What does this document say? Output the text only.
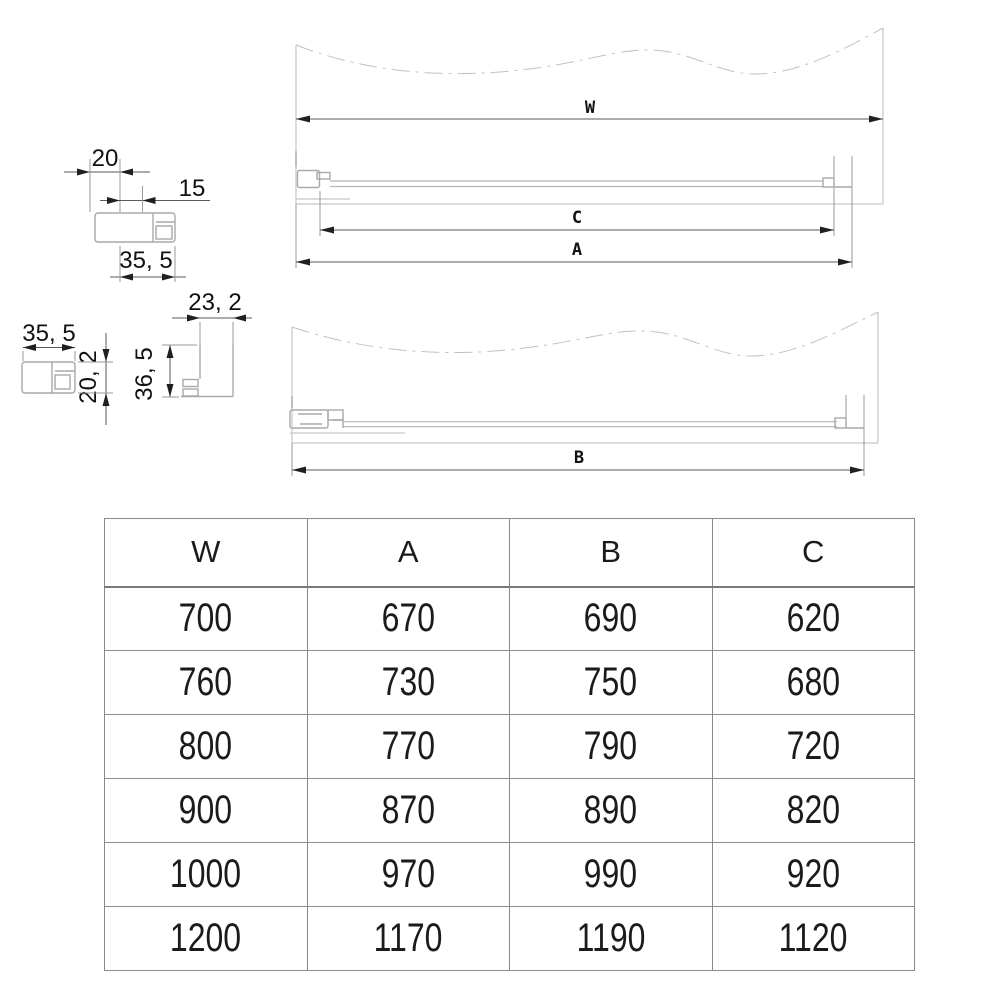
20
15
35, 5
35, 5
20, 2
23, 2
36, 5
W
C
A
B
W	A	B	C
700	670	690	620
760	730	750	680
800	770	790	720
900	870	890	820
1000	970	990	920
1200	1170	1190	1120
